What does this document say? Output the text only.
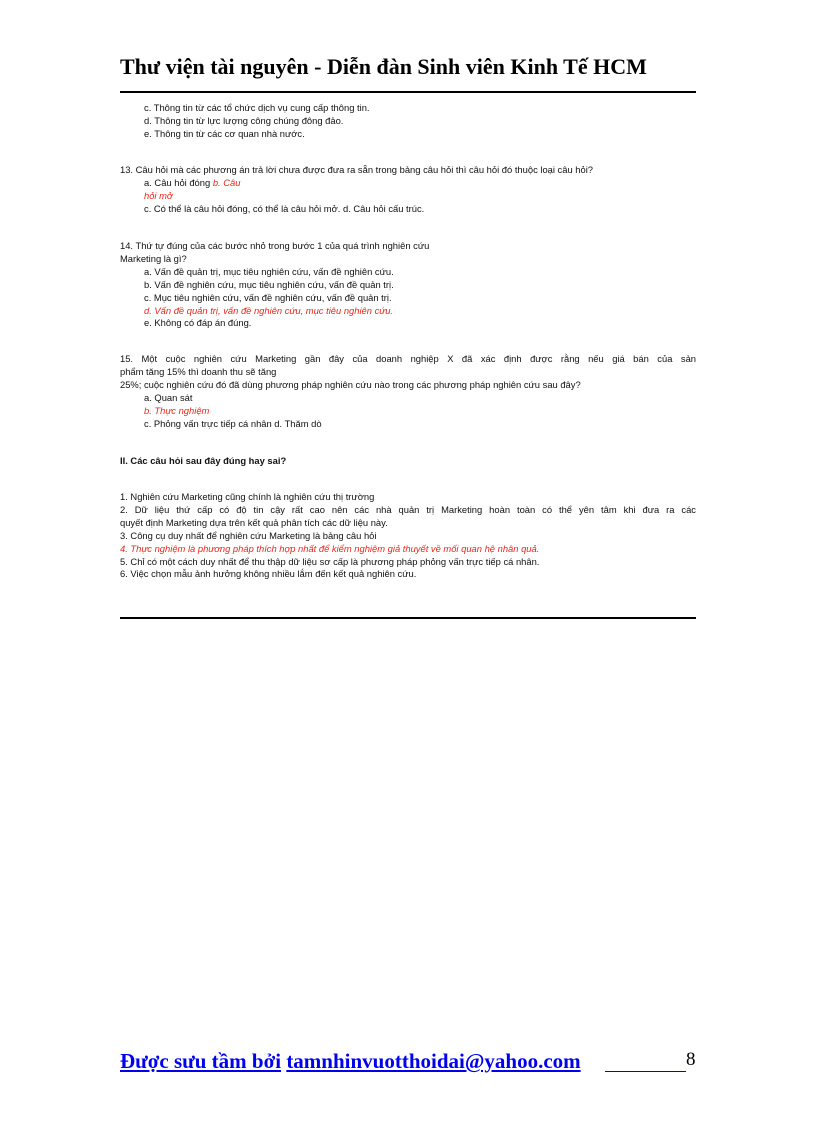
Thư viện tài nguyên - Diễn đàn Sinh viên Kinh Tế HCM
c. Thông tin từ các tổ chức dịch vụ cung cấp thông tin.
d. Thông tin từ lực lượng công chúng đông đảo.
e. Thông tin từ các cơ quan nhà nước.
13. Câu hỏi mà các phương án trả lời chưa được đưa ra sẵn trong bảng câu hỏi thì câu hỏi đó thuộc loại câu hỏi?
a. Câu hỏi đóng b. Câu
hỏi mở
c. Có thể là câu hỏi đóng, có thể là câu hỏi mở. d. Câu hỏi cấu trúc.
14. Thứ tự đúng của các bước nhỏ trong bước 1 của quá trình nghiên cứu
Marketing là gì?
a. Vấn đề quản trị, mục tiêu nghiên cứu, vấn đề nghiên cứu.
b. Vấn đề nghiên cứu, mục tiêu nghiên cứu, vấn đề quản trị.
c. Mục tiêu nghiên cứu, vấn đề nghiên cứu, vấn đề quản trị.
d. Vấn đề quản trị, vấn đề nghiên cứu, mục tiêu nghiên cứu.
e. Không có đáp án đúng.
15. Một cuộc nghiên cứu Marketing gần đây của doanh nghiệp X đã xác định được rằng nếu giá bán của sản
phẩm tăng 15% thì doanh thu sẽ tăng
25%; cuộc nghiên cứu đó đã dùng phương pháp nghiên cứu nào trong các phương pháp nghiên cứu sau đây?
a. Quan sát
b. Thực nghiệm
c. Phỏng vấn trực tiếp cá nhân d. Thăm dò
II. Các câu hỏi sau đây đúng hay sai?
1. Nghiên cứu Marketing cũng chính là nghiên cứu thị trường
2. Dữ liệu thứ cấp có độ tin cậy rất cao nên các nhà quản trị Marketing hoàn toàn có thể yên tâm khi đưa ra các
quyết định Marketing dựa trên kết quả phân tích các dữ liệu này.
3. Công cụ duy nhất để nghiên cứu Marketing là bảng câu hỏi
4. Thực nghiệm là phương pháp thích hợp nhất để kiểm nghiệm giả thuyết về mối quan hệ nhân quả.
5. Chỉ có một cách duy nhất để thu thập dữ liệu sơ cấp là phương pháp phỏng vấn trực tiếp cá nhân.
6. Việc chọn mẫu ảnh hưởng không nhiều lắm đến kết quả nghiên cứu.
Được sưu tầm bởi tamnhinvuotthoidai@yahoo.com	8
